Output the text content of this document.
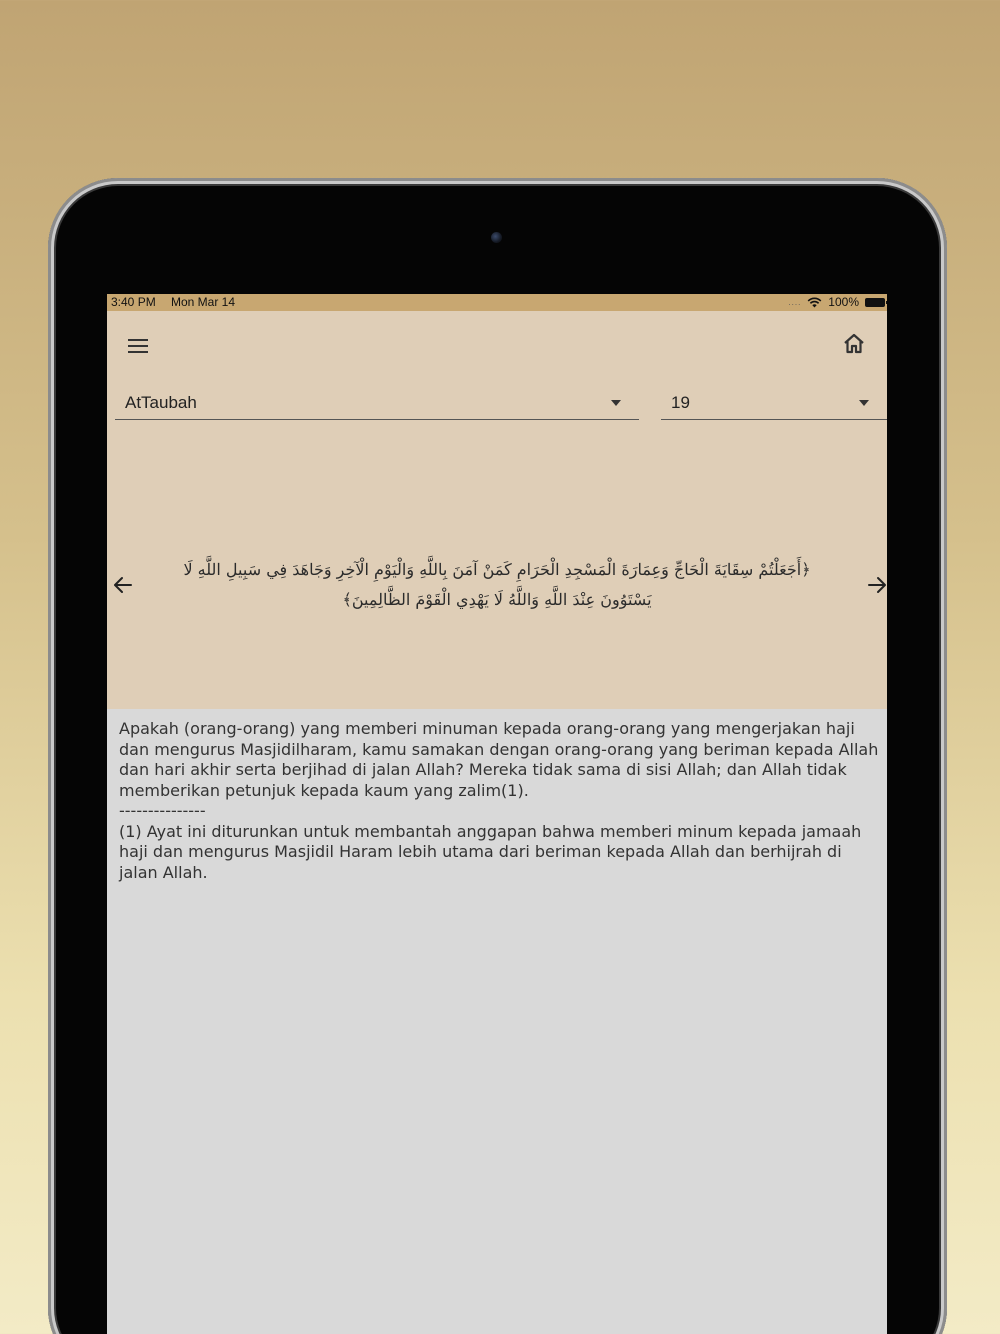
3:40 PM Mon Mar 14	.... 100%
AtTaubah	19
﴿أَجَعَلْتُمْ سِقَايَةَ الْحَاجِّ وَعِمَارَةَ الْمَسْجِدِ الْحَرَامِ كَمَنْ آمَنَ بِاللَّهِ وَالْيَوْمِ الْآخِرِ وَجَاهَدَ فِي سَبِيلِ اللَّهِ لَا يَسْتَوُونَ عِنْدَ اللَّهِ وَاللَّهُ لَا يَهْدِي الْقَوْمَ الظَّالِمِينَ﴾
Apakah (orang-orang) yang memberi minuman kepada orang-orang yang mengerjakan haji dan mengurus Masjidilharam, kamu samakan dengan orang-orang yang beriman kepada Allah dan hari akhir serta berjihad di jalan Allah? Mereka tidak sama di sisi Allah; dan Allah tidak memberikan petunjuk kepada kaum yang zalim(1).
---------------
(1) Ayat ini diturunkan untuk membantah anggapan bahwa memberi minum kepada jamaah haji dan mengurus Masjidil Haram lebih utama dari beriman kepada Allah dan berhijrah di jalan Allah.
